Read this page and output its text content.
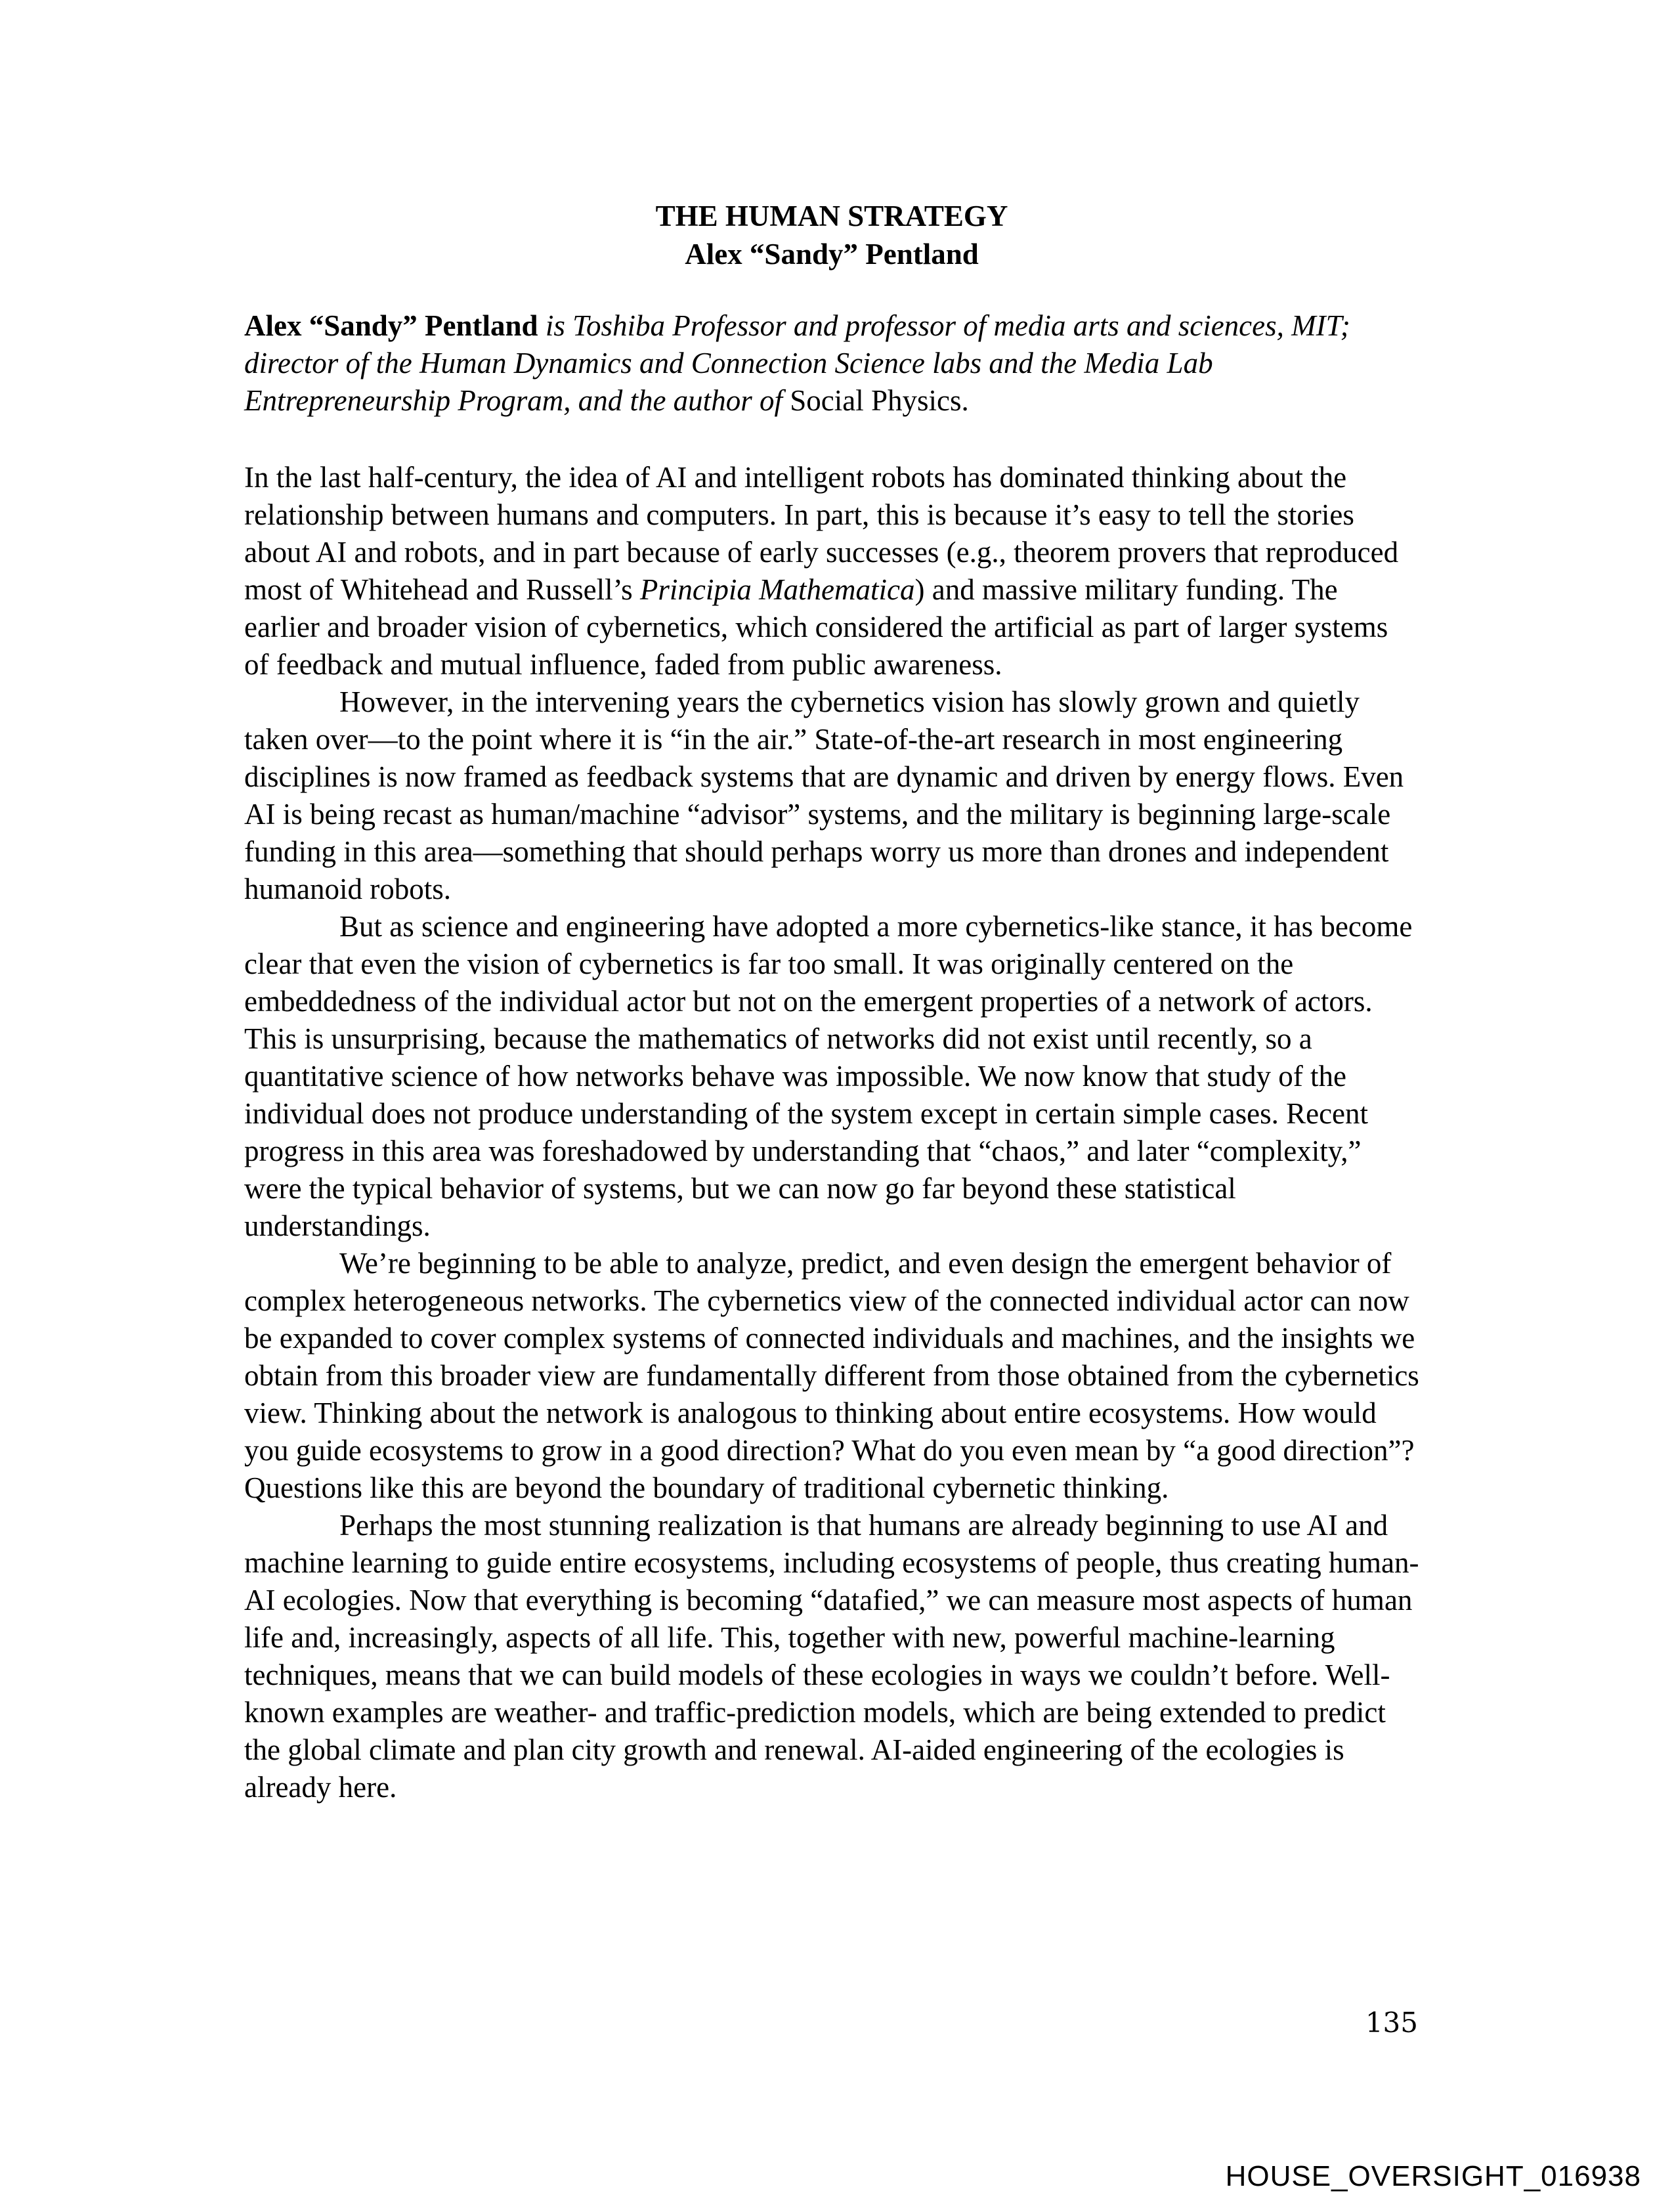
THE HUMAN STRATEGY
Alex “Sandy” Pentland
Alex “Sandy” Pentland is Toshiba Professor and professor of media arts and sciences, MIT; director of the Human Dynamics and Connection Science labs and the Media Lab Entrepreneurship Program, and the author of Social Physics.

In the last half-century, the idea of AI and intelligent robots has dominated thinking about the relationship between humans and computers. In part, this is because it’s easy to tell the stories about AI and robots, and in part because of early successes (e.g., theorem provers that reproduced most of Whitehead and Russell’s Principia Mathematica) and massive military funding. The earlier and broader vision of cybernetics, which considered the artificial as part of larger systems of feedback and mutual influence, faded from public awareness.

However, in the intervening years the cybernetics vision has slowly grown and quietly taken over—to the point where it is “in the air.” State-of-the-art research in most engineering disciplines is now framed as feedback systems that are dynamic and driven by energy flows. Even AI is being recast as human/machine “advisor” systems, and the military is beginning large-scale funding in this area—something that should perhaps worry us more than drones and independent humanoid robots.

But as science and engineering have adopted a more cybernetics-like stance, it has become clear that even the vision of cybernetics is far too small. It was originally centered on the embeddedness of the individual actor but not on the emergent properties of a network of actors. This is unsurprising, because the mathematics of networks did not exist until recently, so a quantitative science of how networks behave was impossible. We now know that study of the individual does not produce understanding of the system except in certain simple cases. Recent progress in this area was foreshadowed by understanding that “chaos,” and later “complexity,” were the typical behavior of systems, but we can now go far beyond these statistical understandings.

We’re beginning to be able to analyze, predict, and even design the emergent behavior of complex heterogeneous networks. The cybernetics view of the connected individual actor can now be expanded to cover complex systems of connected individuals and machines, and the insights we obtain from this broader view are fundamentally different from those obtained from the cybernetics view. Thinking about the network is analogous to thinking about entire ecosystems. How would you guide ecosystems to grow in a good direction? What do you even mean by “a good direction”? Questions like this are beyond the boundary of traditional cybernetic thinking.

Perhaps the most stunning realization is that humans are already beginning to use AI and machine learning to guide entire ecosystems, including ecosystems of people, thus creating human-AI ecologies. Now that everything is becoming “datafied,” we can measure most aspects of human life and, increasingly, aspects of all life. This, together with new, powerful machine-learning techniques, means that we can build models of these ecologies in ways we couldn’t before. Well-known examples are weather- and traffic-prediction models, which are being extended to predict the global climate and plan city growth and renewal. AI-aided engineering of the ecologies is already here.

135
HOUSE_OVERSIGHT_016938
